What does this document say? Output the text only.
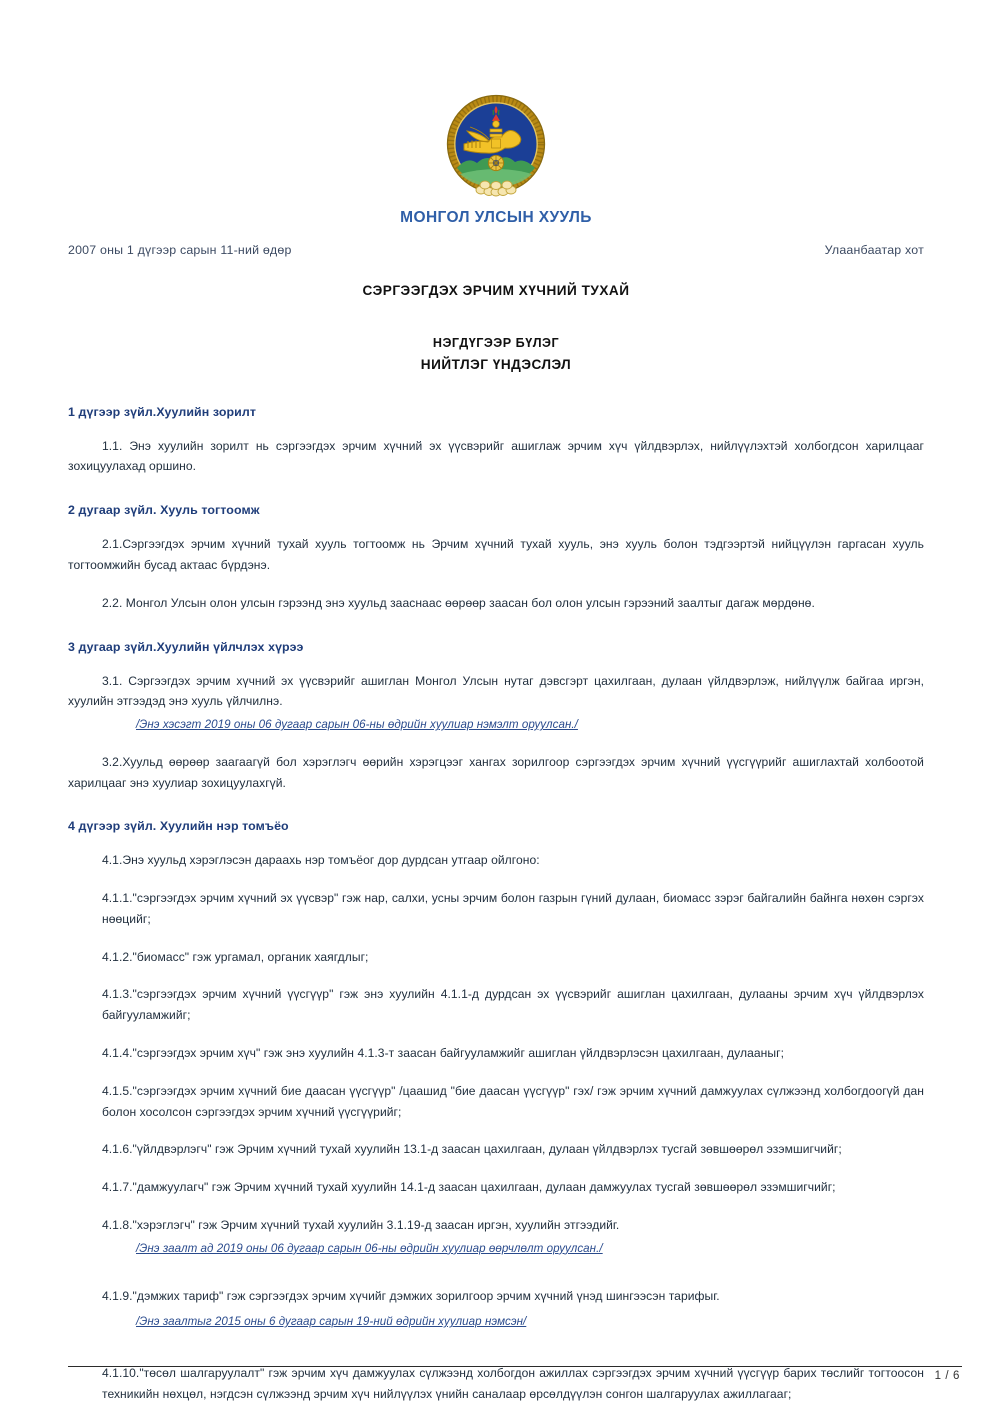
МОНГОЛ УЛСЫН ХУУЛЬ
2007 оны 1 дүгээр сарын 11-ний өдөр	Улаанбаатар хот
СЭРГЭЭГДЭХ ЭРЧИМ ХҮЧНИЙ ТУХАЙ
НЭГДҮГЭЭР БҮЛЭГ
НИЙТЛЭГ ҮНДЭСЛЭЛ
1 дүгээр зүйл.Хуулийн зорилт

1.1. Энэ хуулийн зорилт нь сэргээгдэх эрчим хүчний эх үүсвэрийг ашиглаж эрчим хүч үйлдвэрлэх, нийлүүлэхтэй холбогдсон харилцааг зохицуулахад оршино.

2 дугаар зүйл. Хууль тогтоомж

2.1.Сэргээгдэх эрчим хүчний тухай хууль тогтоомж нь Эрчим хүчний тухай хууль, энэ хууль болон тэдгээртэй нийцүүлэн гаргасан хууль тогтоомжийн бусад актаас бүрдэнэ.

2.2. Монгол Улсын олон улсын гэрээнд энэ хуульд зааснаас өөрөөр заасан бол олон улсын гэрээний заалтыг дагаж мөрдөнө.

3 дугаар зүйл.Хуулийн үйлчлэх хүрээ

3.1. Сэргээгдэх эрчим хүчний эх үүсвэрийг ашиглан Монгол Улсын нутаг дэвсгэрт цахилгаан, дулаан үйлдвэрлэж, нийлүүлж байгаа иргэн, хуулийн этгээдэд энэ хууль үйлчилнэ.

/Энэ хэсэгт 2019 оны 06 дугаар сарын 06-ны өдрийн хуулиар нэмэлт оруулсан./

3.2.Хуульд өөрөөр заагаагүй бол хэрэглэгч өөрийн хэрэгцээг хангах зорилгоор сэргээгдэх эрчим хүчний үүсгүүрийг ашиглахтай холбоотой харилцааг энэ хуулиар зохицуулахгүй.

4 дүгээр зүйл. Хуулийн нэр томъёо

4.1.Энэ хуульд хэрэглэсэн дараахь нэр томъёог дор дурдсан утгаар ойлгоно:

4.1.1."сэргээгдэх эрчим хүчний эх үүсвэр" гэж нар, салхи, усны эрчим болон газрын гүний дулаан, биомасс зэрэг байгалийн байнга нөхөн сэргэх нөөцийг;

4.1.2."биомасс" гэж ургамал, органик хаягдлыг;

4.1.3."сэргээгдэх эрчим хүчний үүсгүүр" гэж энэ хуулийн 4.1.1-д дурдсан эх үүсвэрийг ашиглан цахилгаан, дулааны эрчим хүч үйлдвэрлэх байгууламжийг;

4.1.4."сэргээгдэх эрчим хүч" гэж энэ хуулийн 4.1.3-т заасан байгууламжийг ашиглан үйлдвэрлэсэн цахилгаан, дулааныг;

4.1.5."сэргээгдэх эрчим хүчний бие даасан үүсгүүр" /цаашид "бие даасан үүсгүүр" гэх/ гэж эрчим хүчний дамжуулах сүлжээнд холбогдоогүй дан болон хосолсон сэргээгдэх эрчим хүчний үүсгүүрийг;

4.1.6."үйлдвэрлэгч" гэж Эрчим хүчний тухай хуулийн 13.1-д заасан цахилгаан, дулаан үйлдвэрлэх тусгай зөвшөөрөл эзэмшигчийг;

4.1.7."дамжуулагч" гэж Эрчим хүчний тухай хуулийн 14.1-д заасан цахилгаан, дулаан дамжуулах тусгай зөвшөөрөл эзэмшигчийг;

4.1.8."хэрэглэгч" гэж Эрчим хүчний тухай хуулийн 3.1.19-д заасан иргэн, хуулийн этгээдийг.

/Энэ заалт ад 2019 оны 06 дугаар сарын 06-ны өдрийн хуулиар өөрчлөлт оруулсан./

4.1.9."дэмжих тариф" гэж сэргээгдэх эрчим хүчийг дэмжих зорилгоор эрчим хүчний үнэд шингээсэн тарифыг.

/Энэ заалтыг 2015 оны 6 дугаар сарын 19-ний өдрийн хуулиар нэмсэн/

4.1.10."төсөл шалгаруулалт" гэж эрчим хүч дамжуулах сүлжээнд холбогдон ажиллах сэргээгдэх эрчим хүчний үүсгүүр барих төслийг тогтоосон техникийн нөхцөл, нэгдсэн сүлжээнд эрчим хүч нийлүүлэх үнийн саналаар өрсөлдүүлэн сонгон шалгаруулах ажиллагааг;

1 / 6
